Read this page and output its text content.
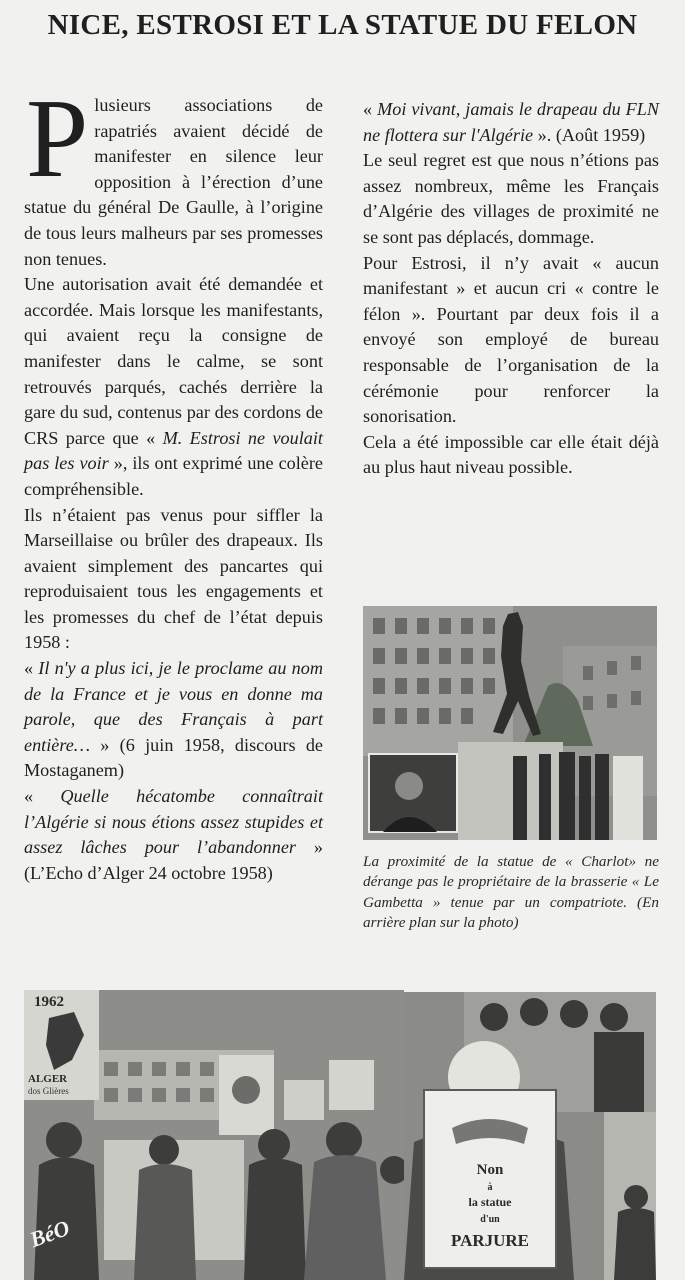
NICE, ESTROSI ET LA STATUE DU FELON

Plusieurs associations de rapatriés avaient décidé de manifester en silence leur opposition à l’érection d’une statue du général De Gaulle, à l’origine de tous leurs malheurs par ses promesses non tenues.

Une autorisation avait été demandée et accordée. Mais lorsque les manifestants, qui avaient reçu la consigne de manifester dans le calme, se sont retrouvés parqués, cachés derrière la gare du sud, contenus par des cordons de CRS parce que « M. Estrosi ne voulait pas les voir », ils ont exprimé une colère compréhensible.

Ils n’étaient pas venus pour siffler la Marseillaise ou brûler des drapeaux. Ils avaient simplement des pancartes qui reproduisaient tous les engagements et les promesses du chef de l’état depuis 1958 :

« Il n'y a plus ici, je le proclame au nom de la France et je vous en donne ma parole, que des Français à part entière… » (6 juin 1958, discours de Mostaganem)

« Quelle hécatombe connaîtrait l’Algérie si nous étions assez stupides et assez lâches pour l’abandonner » (L’Echo d’Alger 24 octobre 1958)

« Moi vivant, jamais le drapeau du FLN ne flottera sur l'Algérie ». (Août 1959)

Le seul regret est que nous n’étions pas assez nombreux, même les Français d’Algérie des villages de proximité ne se sont pas déplacés, dommage.

Pour Estrosi, il n’y avait « aucun manifestant » et aucun cri « contre le félon ». Pourtant par deux fois il a envoyé son employé de bureau responsable de l’organisation de la cérémonie pour renforcer la sonorisation.

Cela a été impossible car elle était déjà au plus haut niveau possible.

La proximité de la statue de « Charlot» ne dérange pas le propriétaire de la brasserie « Le Gambetta » tenue par un compatriote. (En arrière plan sur la photo)
1962
ALGER
dos Glières
BéO
Non
à
la statue
d'un
PARJURE
